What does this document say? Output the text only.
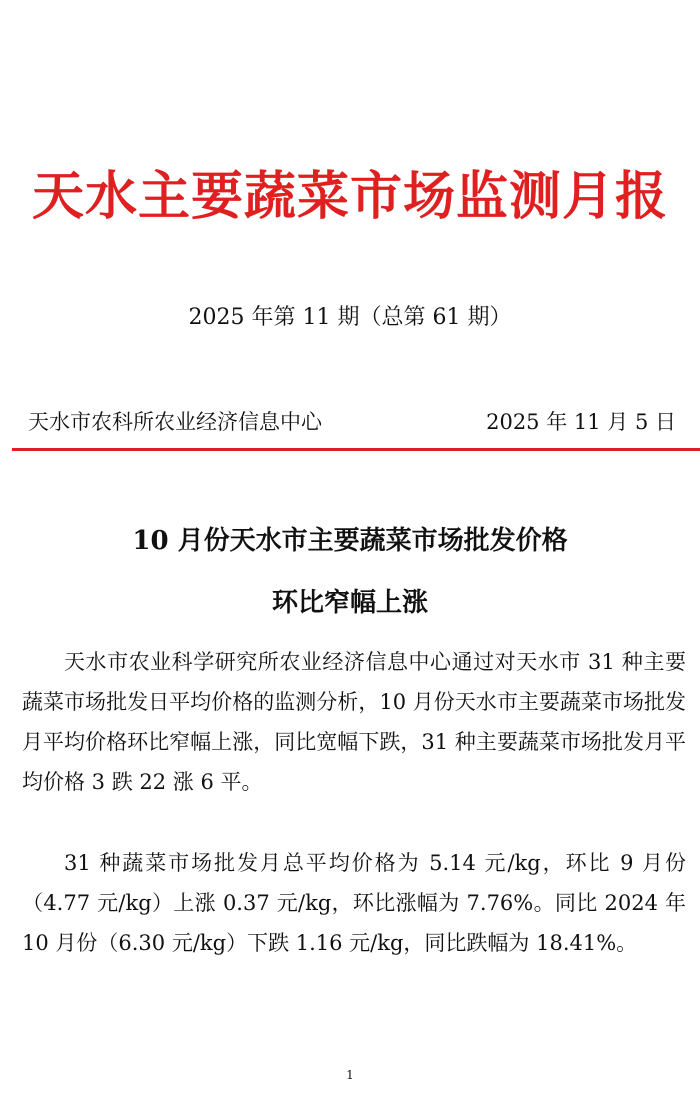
天水主要蔬菜市场监测月报
2025 年第 11 期（总第 61 期）
天水市农科所农业经济信息中心	2025 年 11 月 5 日
10 月份天水市主要蔬菜市场批发价格
环比窄幅上涨

天水市农业科学研究所农业经济信息中心通过对天水市 31 种主要蔬菜市场批发日平均价格的监测分析，10 月份天水市主要蔬菜市场批发月平均价格环比窄幅上涨，同比宽幅下跌，31 种主要蔬菜市场批发月平均价格 3 跌 22 涨 6 平。

31 种蔬菜市场批发月总平均价格为 5.14 元/kg，环比 9 月份（4.77 元/kg）上涨 0.37 元/kg，环比涨幅为 7.76%。同比 2024 年 10 月份（6.30 元/kg）下跌 1.16 元/kg，同比跌幅为 18.41%。

1
